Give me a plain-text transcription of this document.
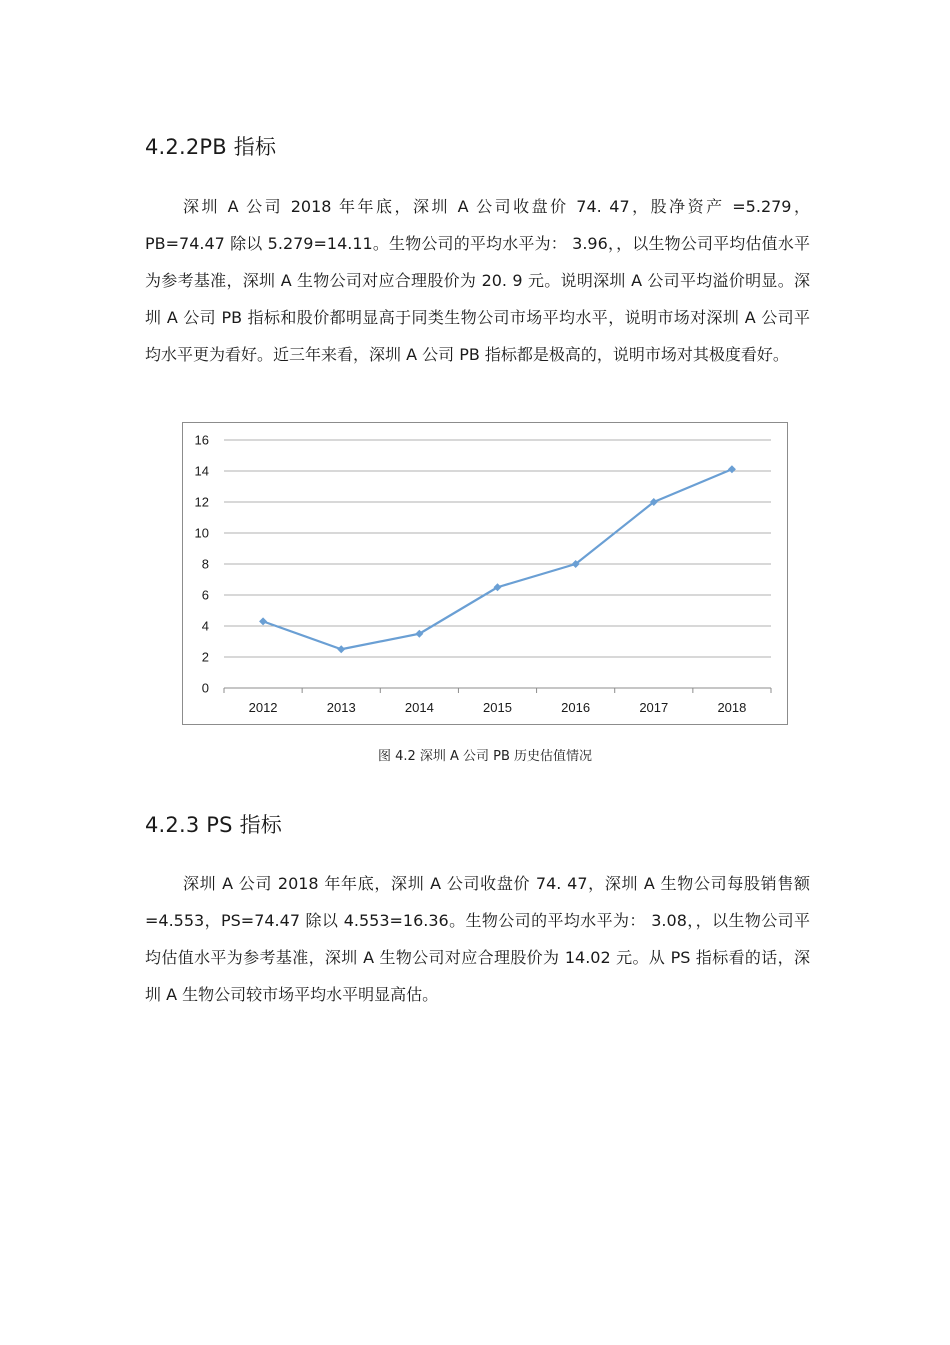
4.2.2PB 指标

深圳 A 公司 2018 年年底，深圳 A 公司收盘价 74. 47，股净资产 =5.279，PB=74.47 除以 5.279=14.11。生物公司的平均水平为： 3.96，，以生物公司平均估值水平为参考基准，深圳 A 生物公司对应合理股价为 20. 9 元。说明深圳 A 公司平均溢价明显。深圳 A 公司 PB 指标和股价都明显高于同类生物公司市场平均水平，说明市场对深圳 A 公司平均水平更为看好。近三年来看，深圳 A 公司 PB 指标都是极高的，说明市场对其极度看好。

0
2
4
6
8
10
12
14
16
2012	2013	2014	2015	2016	2017	2018

图 4.2 深圳 A 公司 PB 历史估值情况

4.2.3 PS 指标

深圳 A 公司 2018 年年底，深圳 A 公司收盘价 74. 47，深圳 A 生物公司每股销售额 =4.553，PS=74.47 除以 4.553=16.36。生物公司的平均水平为： 3.08，，以生物公司平均估值水平为参考基准，深圳 A 生物公司对应合理股价为 14.02 元。从 PS 指标看的话，深圳 A 生物公司较市场平均水平明显高估。
